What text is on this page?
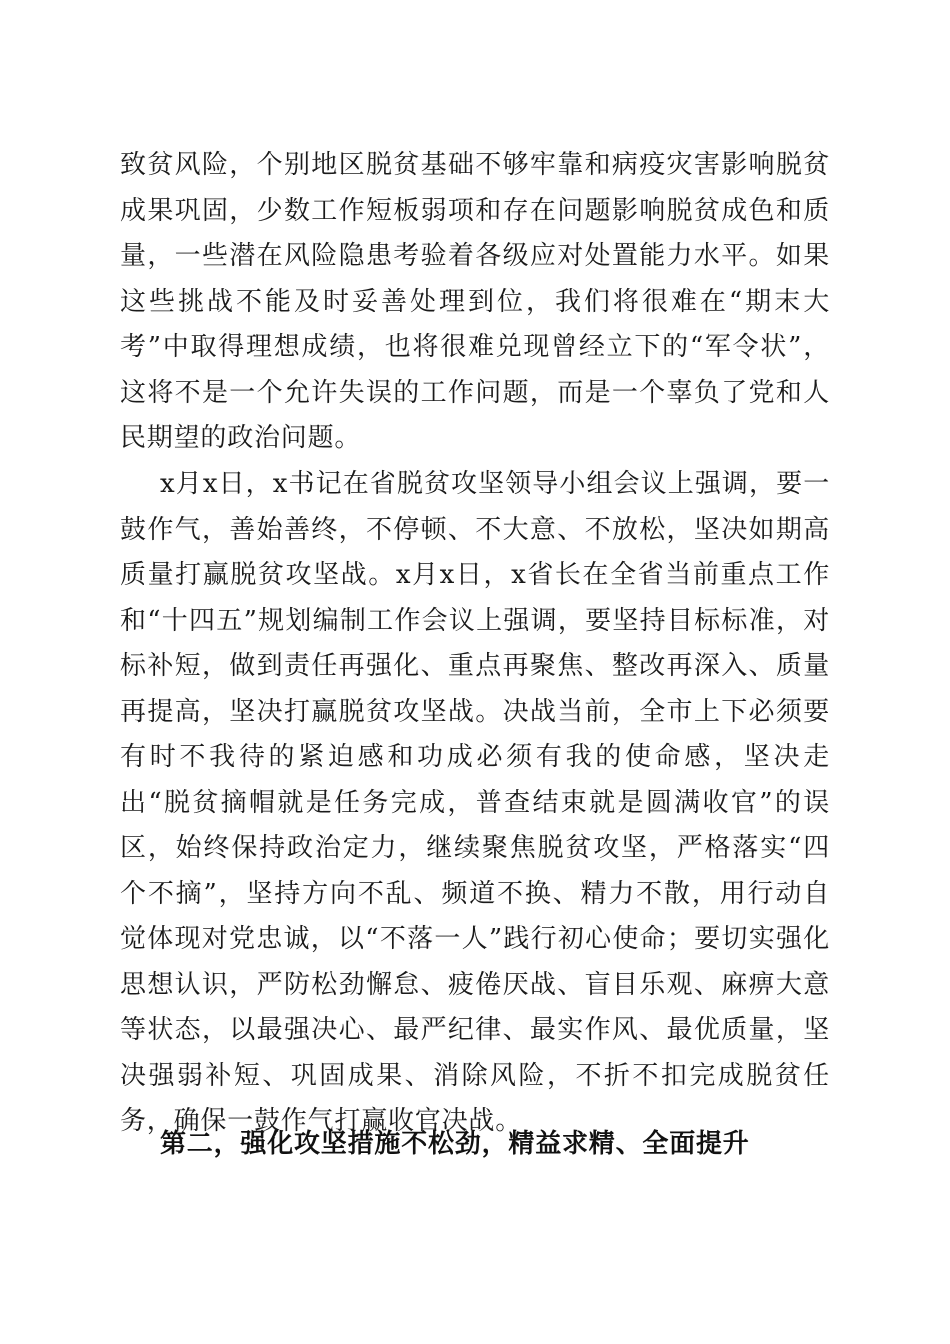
致贫风险，个别地区脱贫基础不够牢靠和病疫灾害影响脱贫成果巩固，少数工作短板弱项和存在问题影响脱贫成色和质量，一些潜在风险隐患考验着各级应对处置能力水平。如果这些挑战不能及时妥善处理到位，我们将很难在“期末大考”中取得理想成绩，也将很难兑现曾经立下的“军令状”，这将不是一个允许失误的工作问题，而是一个辜负了党和人民期望的政治问题。

x月x日，x书记在省脱贫攻坚领导小组会议上强调，要一鼓作气，善始善终，不停顿、不大意、不放松，坚决如期高质量打赢脱贫攻坚战。x月x日，x省长在全省当前重点工作和“十四五”规划编制工作会议上强调，要坚持目标标准，对标补短，做到责任再强化、重点再聚焦、整改再深入、质量再提高，坚决打赢脱贫攻坚战。决战当前，全市上下必须要有时不我待的紧迫感和功成必须有我的使命感，坚决走出“脱贫摘帽就是任务完成，普查结束就是圆满收官”的误区，始终保持政治定力，继续聚焦脱贫攻坚，严格落实“四个不摘”，坚持方向不乱、频道不换、精力不散，用行动自觉体现对党忠诚，以“不落一人”践行初心使命；要切实强化思想认识，严防松劲懈怠、疲倦厌战、盲目乐观、麻痹大意等状态，以最强决心、最严纪律、最实作风、最优质量，坚决强弱补短、巩固成果、消除风险，不折不扣完成脱贫任务，确保一鼓作气打赢收官决战。

第二，强化攻坚措施不松劲，精益求精、全面提升
